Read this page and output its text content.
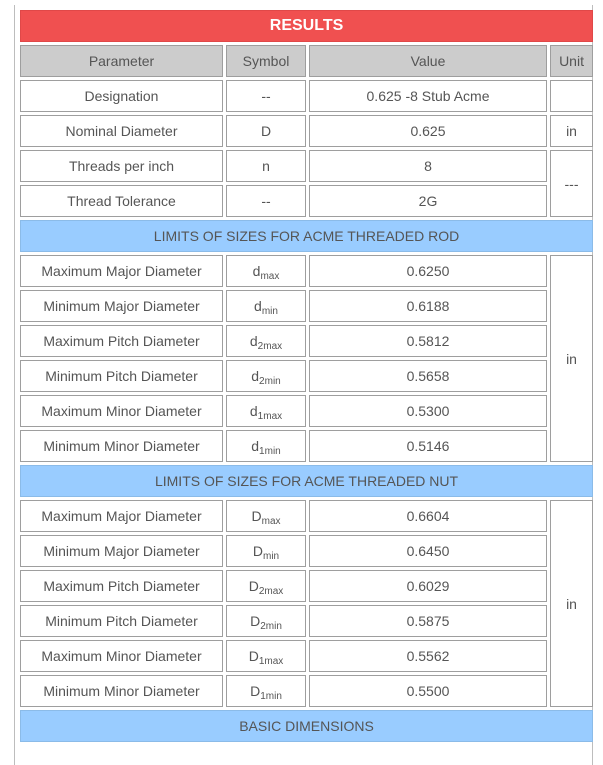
RESULTS			
Parameter	Symbol	Value	Unit
Designation	--	0.625 -8 Stub Acme	
Nominal Diameter	D	0.625	in
Threads per inch	n	8	---
Thread Tolerance	--	2G	
LIMITS OF SIZES FOR ACME THREADED ROD			
Maximum Major Diameter	$d_{max}$	0.6250	in
Minimum Major Diameter	$d_{min}$	0.6188	
Maximum Pitch Diameter	$d_{2max}$	0.5812	
Minimum Pitch Diameter	$d_{2min}$	0.5658	
Maximum Minor Diameter	$d_{1max}$	0.5300	
Minimum Minor Diameter	$d_{1min}$	0.5146	
LIMITS OF SIZES FOR ACME THREADED NUT			
Maximum Major Diameter	$D_{max}$	0.6604	in
Minimum Major Diameter	$D_{min}$	0.6450	
Maximum Pitch Diameter	$D_{2max}$	0.6029	
Minimum Pitch Diameter	$D_{2min}$	0.5875	
Maximum Minor Diameter	$D_{1max}$	0.5562	
Minimum Minor Diameter	$D_{1min}$	0.5500	
BASIC DIMENSIONS			
